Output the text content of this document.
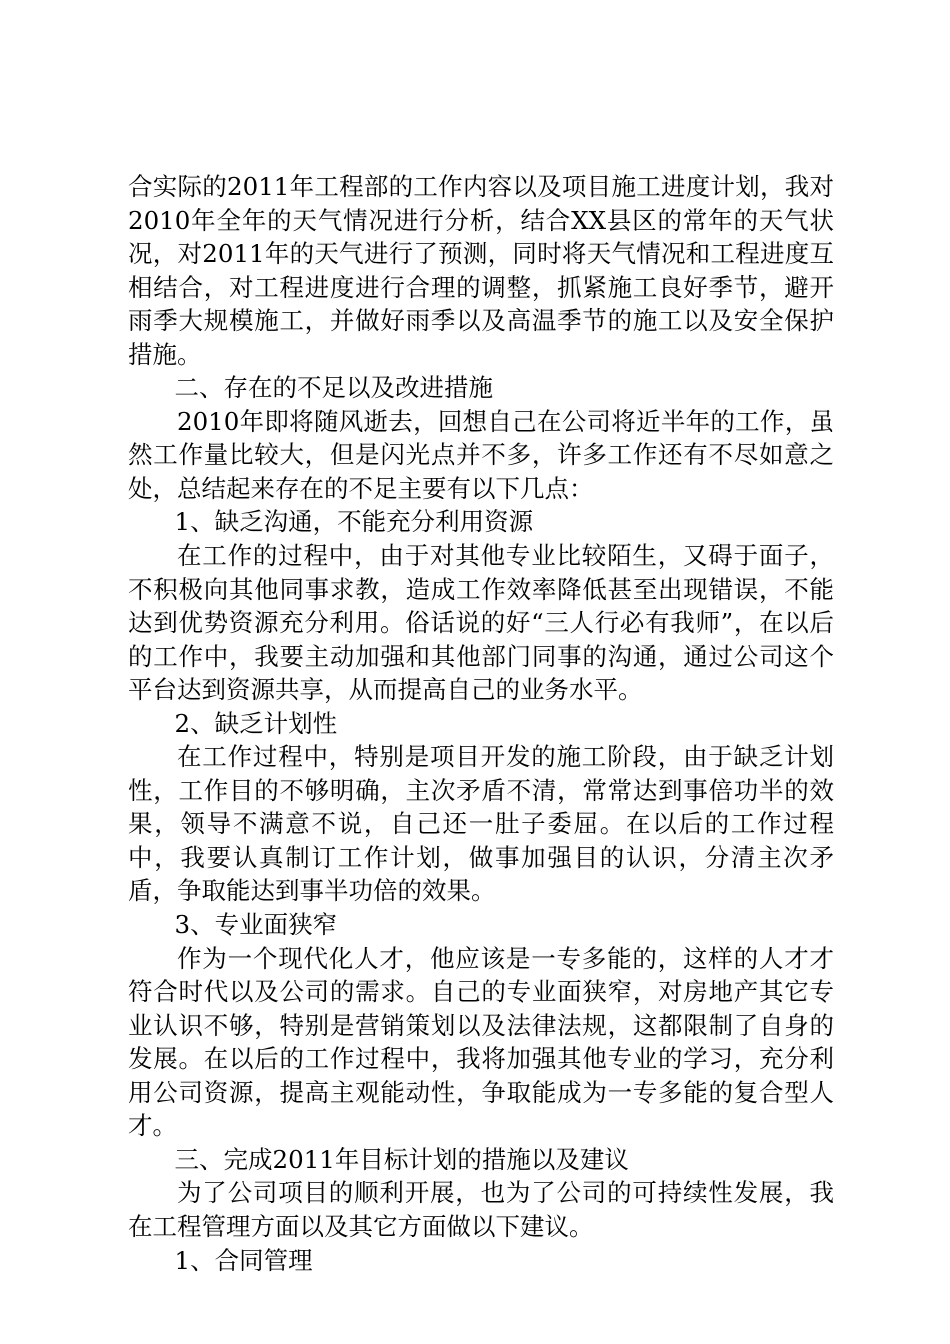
合实际的2011年工程部的工作内容以及项目施工进度计划，我对2010年全年的天气情况进行分析，结合XX县区的常年的天气状况，对2011年的天气进行了预测，同时将天气情况和工程进度互相结合，对工程进度进行合理的调整，抓紧施工良好季节，避开雨季大规模施工，并做好雨季以及高温季节的施工以及安全保护措施。

二、存在的不足以及改进措施

2010年即将随风逝去，回想自己在公司将近半年的工作，虽然工作量比较大，但是闪光点并不多，许多工作还有不尽如意之处，总结起来存在的不足主要有以下几点：

1、缺乏沟通，不能充分利用资源

在工作的过程中，由于对其他专业比较陌生，又碍于面子，不积极向其他同事求教，造成工作效率降低甚至出现错误，不能达到优势资源充分利用。俗话说的好“三人行必有我师”，在以后的工作中，我要主动加强和其他部门同事的沟通，通过公司这个平台达到资源共享，从而提高自己的业务水平。

2、缺乏计划性

在工作过程中，特别是项目开发的施工阶段，由于缺乏计划性，工作目的不够明确，主次矛盾不清，常常达到事倍功半的效果，领导不满意不说，自己还一肚子委屈。在以后的工作过程中，我要认真制订工作计划，做事加强目的认识，分清主次矛盾，争取能达到事半功倍的效果。

3、专业面狭窄

作为一个现代化人才，他应该是一专多能的，这样的人才才符合时代以及公司的需求。自己的专业面狭窄，对房地产其它专业认识不够，特别是营销策划以及法律法规，这都限制了自身的发展。在以后的工作过程中，我将加强其他专业的学习，充分利用公司资源，提高主观能动性，争取能成为一专多能的复合型人才。

三、完成2011年目标计划的措施以及建议

为了公司项目的顺利开展，也为了公司的可持续性发展，我在工程管理方面以及其它方面做以下建议。

1、合同管理
